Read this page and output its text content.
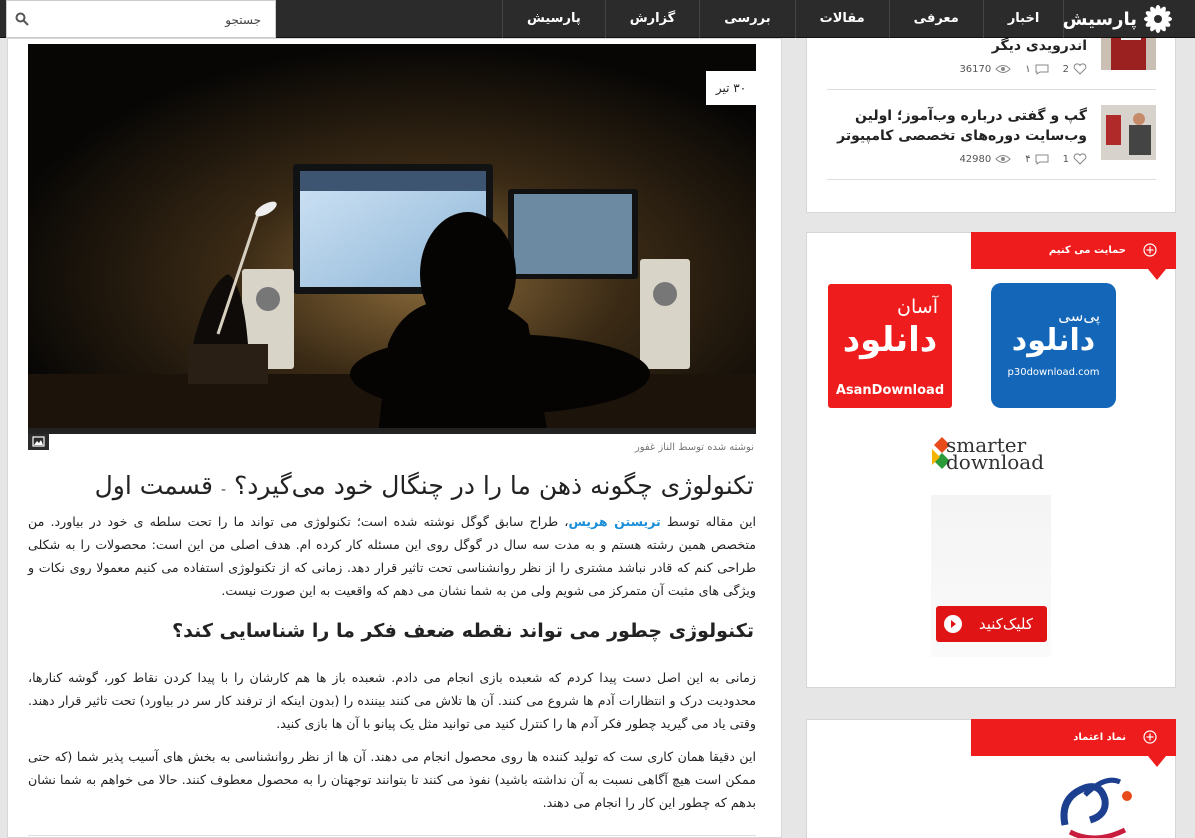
جستجو
پارسیش	گزارش	بررسی	مقالات	معرفی	اخبار	پارسیش
۳۰ تیر
نوشته شده توسط الناز غفور
تکنولوژی چگونه ذهن ما را در چنگال خود می‌گیرد؟ - قسمت اول

این مقاله توسط تریستن هریس، طراح سابق گوگل نوشته شده است؛ تکنولوژی می تواند ما را تحت سلطه ی خود در بیاورد. من متخصص همین رشته هستم و به مدت سه سال در گوگل روی این مسئله کار کرده ام. هدف اصلی من این است: محصولات را به شکلی طراحی کنم که قادر نباشد مشتری را از نظر روانشناسی تحت تاثیر قرار دهد. زمانی که از تکنولوژی استفاده می کنیم معمولا روی نکات و ویژگی های مثبت آن متمرکز می شویم ولی من به شما نشان می دهم که واقعیت به این صورت نیست.

تکنولوژی چطور می تواند نقطه ضعف فکر ما را شناسایی کند؟

زمانی به این اصل دست پیدا کردم که شعبده بازی انجام می دادم. شعبده باز ها هم کارشان را با پیدا کردن نقاط کور، گوشه کنارها، محدودیت درک و انتظارات آدم ها شروع می کنند. آن ها تلاش می کنند بیننده را (بدون اینکه از ترفند کار سر در بیاورد) تحت تاثیر قرار دهند. وقتی یاد می گیرید چطور فکر آدم ها را کنترل کنید می توانید مثل یک پیانو با آن ها بازی کنید.

این دقیقا همان کاری ست که تولید کننده ها روی محصول انجام می دهند. آن ها از نظر روانشناسی به بخش های آسیب پذیر شما (که حتی ممکن است هیچ آگاهی نسبت به آن نداشته باشید) نفوذ می کنند تا بتوانند توجهتان را به محصول معطوف کنند. حالا می خواهم به شما نشان بدهم که چطور این کار را انجام می دهند.

اندرویدی دیگر
36170	۱	2
گپ و گفتی درباره وب‌آموز؛ اولین وب‌سایت دوره‌های تخصصی کامپیوتر
42980	۴	1
حمایت می کنیم
آسان
دانلود
AsanDownload
پی‌سی
دانلود
p30download.com
smarter
download
کلیک‌کنید
نماد اعتماد
